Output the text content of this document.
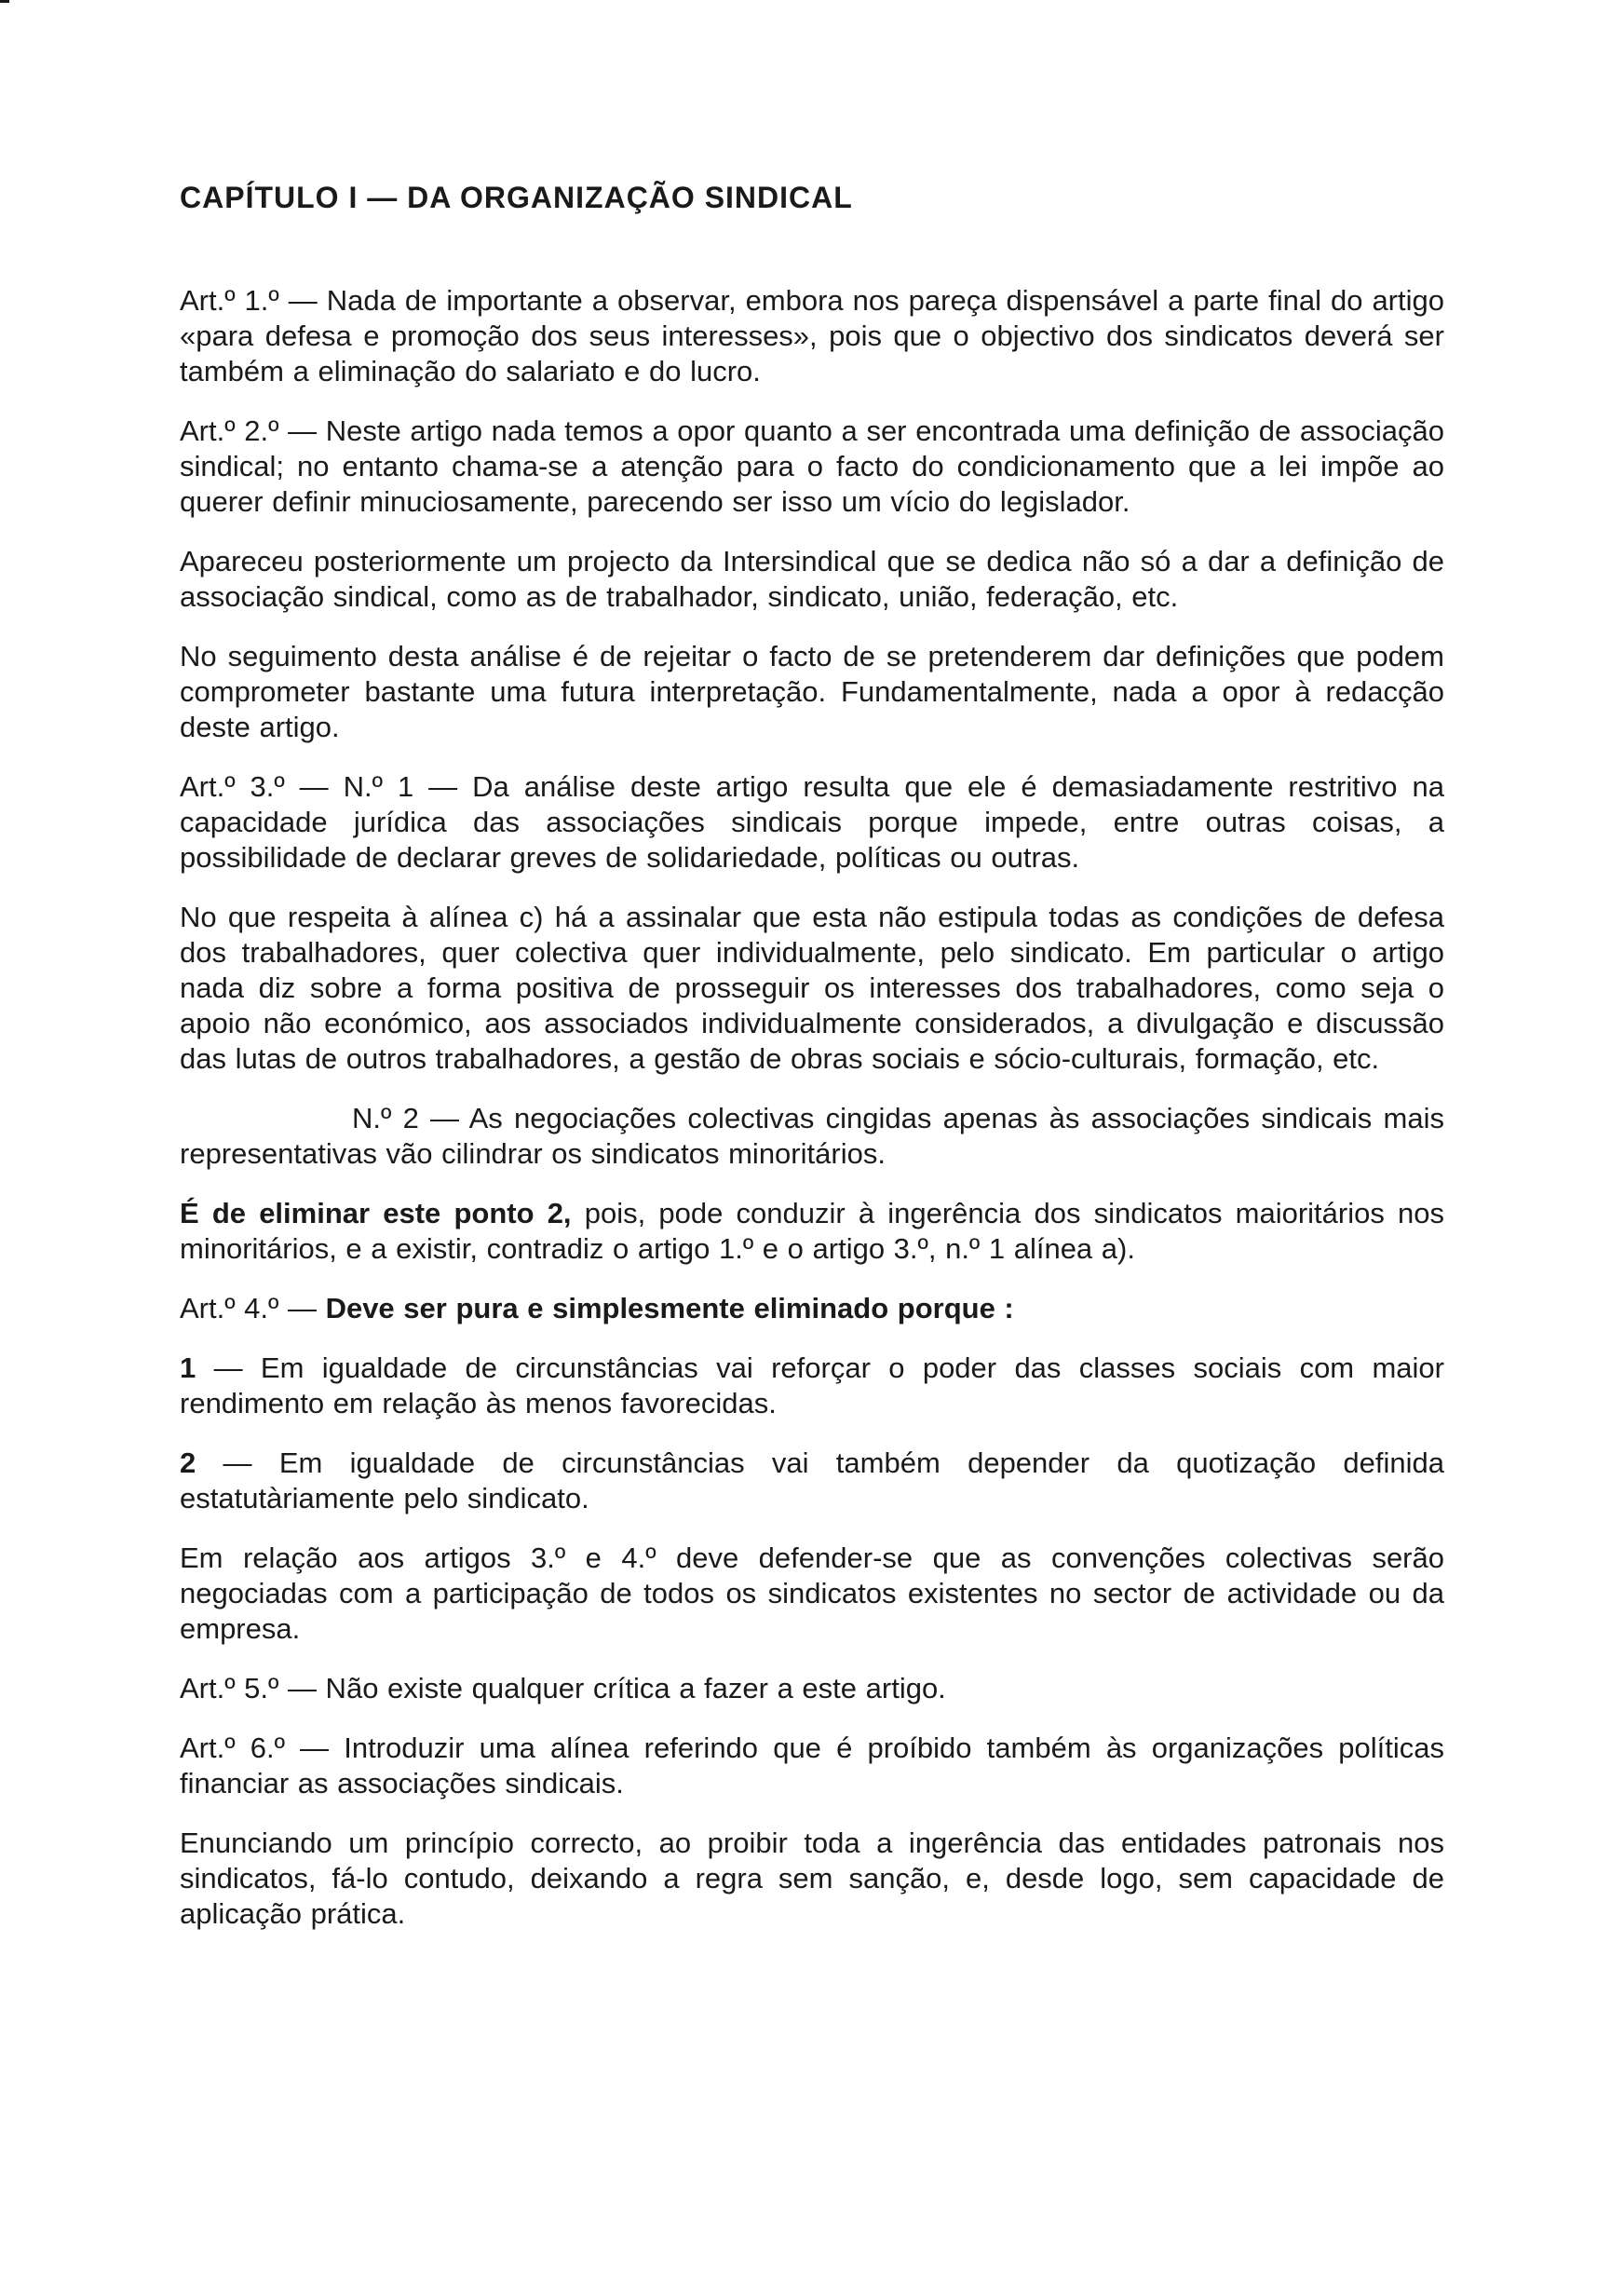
CAPÍTULO I — DA ORGANIZAÇÃO SINDICAL

Art.º 1.º — Nada de importante a observar, embora nos pareça dispensável a parte final do artigo «para defesa e promoção dos seus interesses», pois que o objectivo dos sindicatos deverá ser também a eliminação do salariato e do lucro.

Art.º 2.º — Neste artigo nada temos a opor quanto a ser encontrada uma definição de associação sindical; no entanto chama-se a atenção para o facto do condicionamento que a lei impõe ao querer definir minuciosamente, parecendo ser isso um vício do legislador.

Apareceu posteriormente um projecto da Intersindical que se dedica não só a dar a definição de associação sindical, como as de trabalhador, sindicato, união, federação, etc.

No seguimento desta análise é de rejeitar o facto de se pretenderem dar definições que podem comprometer bastante uma futura interpretação. Fundamentalmente, nada a opor à redacção deste artigo.

Art.º 3.º — N.º 1 — Da análise deste artigo resulta que ele é demasiadamente restritivo na capacidade jurídica das associações sindicais porque impede, entre outras coisas, a possibilidade de declarar greves de solidariedade, políticas ou outras.

No que respeita à alínea c) há a assinalar que esta não estipula todas as condições de defesa dos trabalhadores, quer colectiva quer individualmente, pelo sindicato. Em particular o artigo nada diz sobre a forma positiva de prosseguir os interesses dos trabalhadores, como seja o apoio não económico, aos associados individualmente considerados, a divulgação e discussão das lutas de outros trabalhadores, a gestão de obras sociais e sócio-culturais, formação, etc.

N.º 2 — As negociações colectivas cingidas apenas às associações sindicais mais representativas vão cilindrar os sindicatos minoritários.

É de eliminar este ponto 2, pois, pode conduzir à ingerência dos sindicatos maioritários nos minoritários, e a existir, contradiz o artigo 1.º e o artigo 3.º, n.º 1 alínea a).

Art.º 4.º — Deve ser pura e simplesmente eliminado porque :

1 — Em igualdade de circunstâncias vai reforçar o poder das classes sociais com maior rendimento em relação às menos favorecidas.

2 — Em igualdade de circunstâncias vai também depender da quotização definida estatutàriamente pelo sindicato.

Em relação aos artigos 3.º e 4.º deve defender-se que as convenções colectivas serão negociadas com a participação de todos os sindicatos existentes no sector de actividade ou da empresa.

Art.º 5.º — Não existe qualquer crítica a fazer a este artigo.

Art.º 6.º — Introduzir uma alínea referindo que é proíbido também às organizações políticas financiar as associações sindicais.

Enunciando um princípio correcto, ao proibir toda a ingerência das entidades patronais nos sindicatos, fá-lo contudo, deixando a regra sem sanção, e, desde logo, sem capacidade de aplicação prática.
